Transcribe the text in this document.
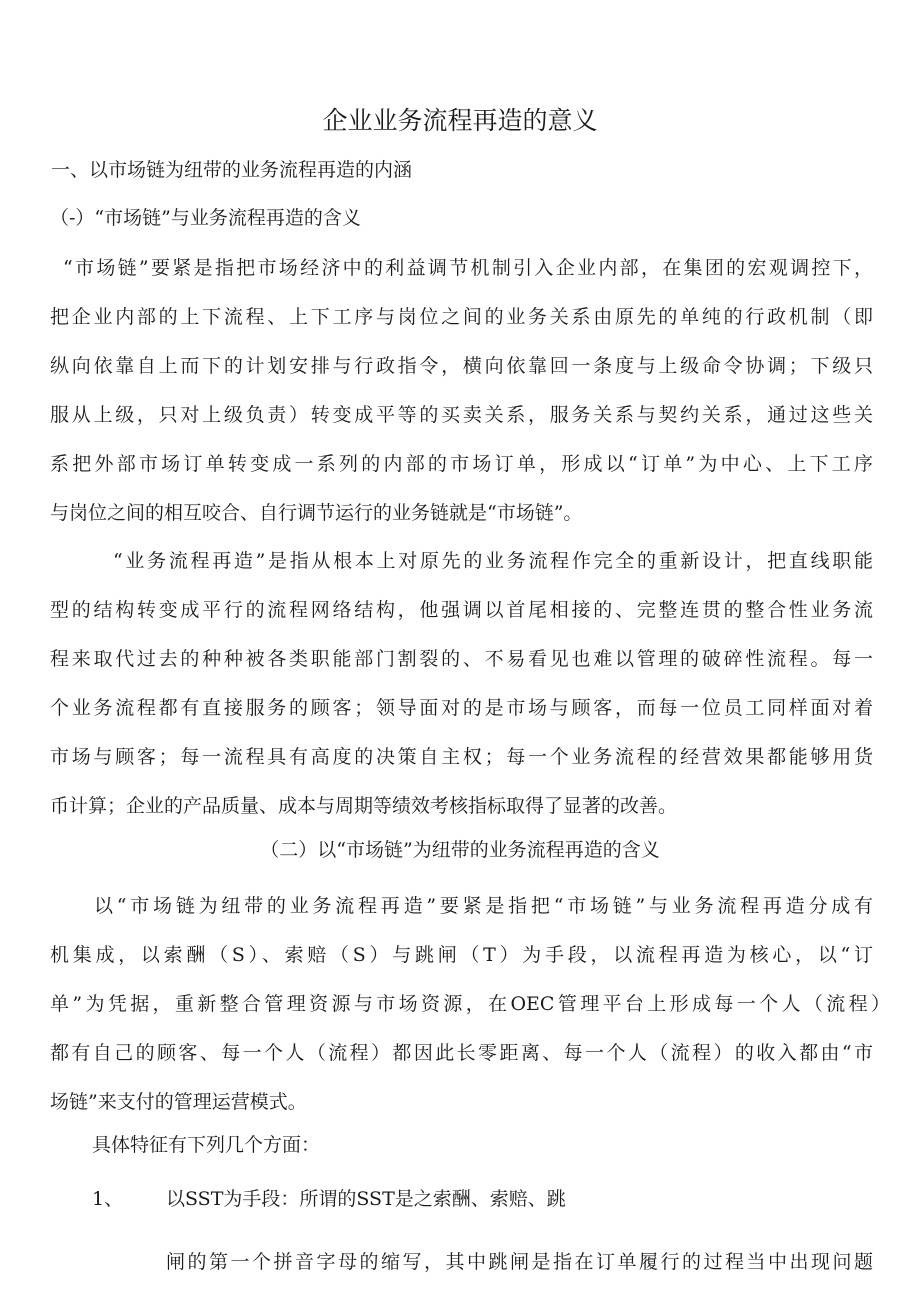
企业业务流程再造的意义
一、以市场链为纽带的业务流程再造的内涵
（-）“市场链”与业务流程再造的含义
“市场链”要紧是指把市场经济中的利益调节机制引入企业内部，在集团的宏观调控下，
把企业内部的上下流程、上下工序与岗位之间的业务关系由原先的单纯的行政机制（即
纵向依靠自上而下的计划安排与行政指令，横向依靠回一条度与上级命令协调；下级只
服从上级，只对上级负责）转变成平等的买卖关系，服务关系与契约关系，通过这些关
系把外部市场订单转变成一系列的内部的市场订单，形成以“订单”为中心、上下工序
与岗位之间的相互咬合、自行调节运行的业务链就是“市场链”。
“业务流程再造”是指从根本上对原先的业务流程作完全的重新设计，把直线职能
型的结构转变成平行的流程网络结构，他强调以首尾相接的、完整连贯的整合性业务流
程来取代过去的种种被各类职能部门割裂的、不易看见也难以管理的破碎性流程。每一
个业务流程都有直接服务的顾客；领导面对的是市场与顾客，而每一位员工同样面对着
市场与顾客；每一流程具有高度的决策自主权；每一个业务流程的经营效果都能够用货
币计算；企业的产品质量、成本与周期等绩效考核指标取得了显著的改善。
（二）以“市场链”为纽带的业务流程再造的含义
以“市场链为纽带的业务流程再造”要紧是指把“市场链”与业务流程再造分成有
机集成，以索酬（S）、索赔（S）与跳闸（T）为手段，以流程再造为核心，以“订
单”为凭据，重新整合管理资源与市场资源，在OEC管理平台上形成每一个人（流程）
都有自己的顾客、每一个人（流程）都因此长零距离、每一个人（流程）的收入都由“市
场链”来支付的管理运营模式。
具体特征有下列几个方面：
1、 以SST为手段：所谓的SST是之索酬、索赔、跳
闸的第一个拼音字母的缩写，其中跳闸是指在订单履行的过程当中出现问题
